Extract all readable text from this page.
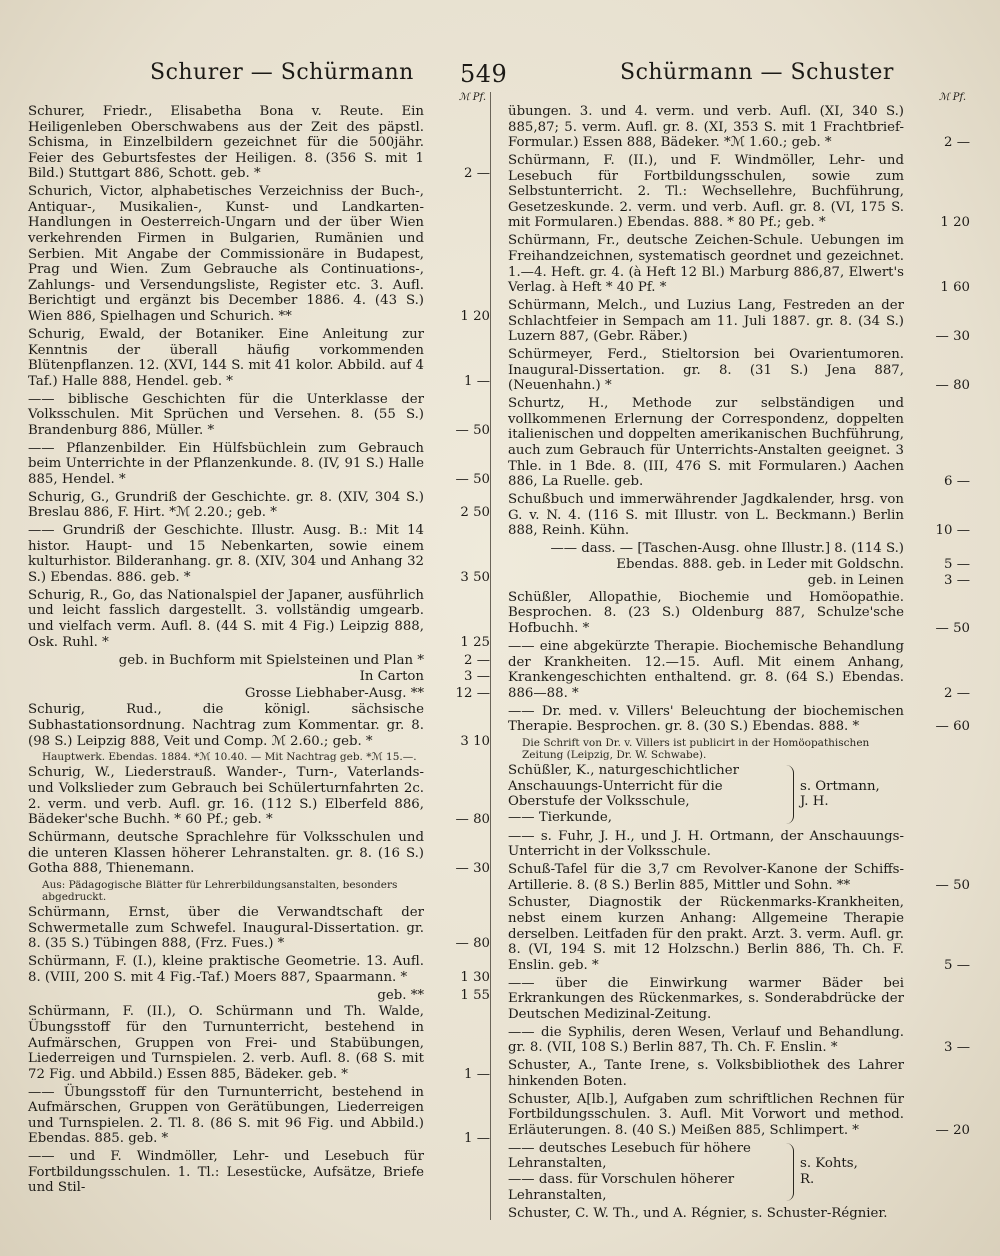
Schurer — Schürmann 549	Schürmann — Schuster
ℳ Pf.
Schurer, Friedr., Elisabetha Bona v. Reute. Ein Heiligenleben Oberschwabens aus der Zeit des päpstl. Schisma, in Einzelbildern gezeichnet für die 500jähr. Feier des Geburtsfestes der Heiligen. 8. (356 S. mit 1 Bild.) Stuttgart 886, Schott. geb. *	2 —
Schurich, Victor, alphabetisches Verzeichniss der Buch-, Antiquar-, Musikalien-, Kunst- und Landkarten-Handlungen in Oesterreich-Ungarn und der über Wien verkehrenden Firmen in Bulgarien, Rumänien und Serbien. Mit Angabe der Commissionäre in Budapest, Prag und Wien. Zum Gebrauche als Continuations-, Zahlungs- und Versendungsliste, Register etc. 3. Aufl. Berichtigt und ergänzt bis December 1886. 4. (43 S.) Wien 886, Spielhagen und Schurich. **	1 20
Schurig, Ewald, der Botaniker. Eine Anleitung zur Kenntnis der überall häufig vorkommenden Blütenpflanzen. 12. (XVI, 144 S. mit 41 kolor. Abbild. auf 4 Taf.) Halle 888, Hendel. geb. *	1 —
—— biblische Geschichten für die Unterklasse der Volksschulen. Mit Sprüchen und Versehen. 8. (55 S.) Brandenburg 886, Müller. *	— 50
—— Pflanzenbilder. Ein Hülfsbüchlein zum Gebrauch beim Unterrichte in der Pflanzenkunde. 8. (IV, 91 S.) Halle 885, Hendel. *	— 50
Schurig, G., Grundriß der Geschichte. gr. 8. (XIV, 304 S.) Breslau 886, F. Hirt. *ℳ 2.20.; geb. *	2 50
—— Grundriß der Geschichte. Illustr. Ausg. B.: Mit 14 histor. Haupt- und 15 Nebenkarten, sowie einem kulturhistor. Bilderanhang. gr. 8. (XIV, 304 und Anhang 32 S.) Ebendas. 886. geb. *	3 50
Schurig, R., Go, das Nationalspiel der Japaner, ausführlich und leicht fasslich dargestellt. 3. vollständig umgearb. und vielfach verm. Aufl. 8. (44 S. mit 4 Fig.) Leipzig 888, Osk. Ruhl. *	1 25
geb. in Buchform mit Spielsteinen und Plan *	2 —
In Carton	3 —
Grosse Liebhaber-Ausg. **	12 —
Schurig, Rud., die königl. sächsische Subhastationsordnung. Nachtrag zum Kommentar. gr. 8. (98 S.) Leipzig 888, Veit und Comp. ℳ 2.60.; geb. *	3 10
Hauptwerk. Ebendas. 1884. *ℳ 10.40. — Mit Nachtrag geb. *ℳ 15.—.
Schurig, W., Liederstrauß. Wander-, Turn-, Vaterlands- und Volkslieder zum Gebrauch bei Schülerturnfahrten 2c. 2. verm. und verb. Aufl. gr. 16. (112 S.) Elberfeld 886, Bädeker'sche Buchh. * 60 Pf.; geb. *	— 80
Schürmann, deutsche Sprachlehre für Volksschulen und die unteren Klassen höherer Lehranstalten. gr. 8. (16 S.) Gotha 888, Thienemann.	— 30
Aus: Pädagogische Blätter für Lehrerbildungsanstalten, besonders abgedruckt.
Schürmann, Ernst, über die Verwandtschaft der Schwermetalle zum Schwefel. Inaugural-Dissertation. gr. 8. (35 S.) Tübingen 888, (Frz. Fues.) *	— 80
Schürmann, F. (I.), kleine praktische Geometrie. 13. Aufl. 8. (VIII, 200 S. mit 4 Fig.-Taf.) Moers 887, Spaarmann. *	1 30
geb. **	1 55
Schürmann, F. (II.), O. Schürmann und Th. Walde, Übungsstoff für den Turnunterricht, bestehend in Aufmärschen, Gruppen von Frei- und Stabübungen, Liederreigen und Turnspielen. 2. verb. Aufl. 8. (68 S. mit 72 Fig. und Abbild.) Essen 885, Bädeker. geb. *	1 —
—— Übungsstoff für den Turnunterricht, bestehend in Aufmärschen, Gruppen von Gerätübungen, Liederreigen und Turnspielen. 2. Tl. 8. (86 S. mit 96 Fig. und Abbild.) Ebendas. 885. geb. *	1 —
—— und F. Windmöller, Lehr- und Lesebuch für Fortbildungsschulen. 1. Tl.: Lesestücke, Aufsätze, Briefe und Stil-
ℳ Pf.
übungen. 3. und 4. verm. und verb. Aufl. (XI, 340 S.) 885,87; 5. verm. Aufl. gr. 8. (XI, 353 S. mit 1 Frachtbrief-Formular.) Essen 888, Bädeker. *ℳ 1.60.; geb. *	2 —
Schürmann, F. (II.), und F. Windmöller, Lehr- und Lesebuch für Fortbildungsschulen, sowie zum Selbstunterricht. 2. Tl.: Wechsellehre, Buchführung, Gesetzeskunde. 2. verm. und verb. Aufl. gr. 8. (VI, 175 S. mit Formularen.) Ebendas. 888. * 80 Pf.; geb. *	1 20
Schürmann, Fr., deutsche Zeichen-Schule. Uebungen im Freihandzeichnen, systematisch geordnet und gezeichnet. 1.—4. Heft. gr. 4. (à Heft 12 Bl.) Marburg 886,87, Elwert's Verlag. à Heft * 40 Pf. *	1 60
Schürmann, Melch., und Luzius Lang, Festreden an der Schlachtfeier in Sempach am 11. Juli 1887. gr. 8. (34 S.) Luzern 887, (Gebr. Räber.)	— 30
Schürmeyer, Ferd., Stieltorsion bei Ovarientumoren. Inaugural-Dissertation. gr. 8. (31 S.) Jena 887, (Neuenhahn.) *	— 80
Schurtz, H., Methode zur selbständigen und vollkommenen Erlernung der Correspondenz, doppelten italienischen und doppelten amerikanischen Buchführung, auch zum Gebrauch für Unterrichts-Anstalten geeignet. 3 Thle. in 1 Bde. 8. (III, 476 S. mit Formularen.) Aachen 886, La Ruelle. geb.	6 —
Schußbuch und immerwährender Jagdkalender, hrsg. von G. v. N. 4. (116 S. mit Illustr. von L. Beckmann.) Berlin 888, Reinh. Kühn.	10 —
—— dass. — [Taschen-Ausg. ohne Illustr.] 8. (114 S.) Ebendas. 888. geb. in Leder mit Goldschn.	5 —
geb. in Leinen	3 —
Schüßler, Allopathie, Biochemie und Homöopathie. Besprochen. 8. (23 S.) Oldenburg 887, Schulze'sche Hofbuchh. *	— 50
—— eine abgekürzte Therapie. Biochemische Behandlung der Krankheiten. 12.—15. Aufl. Mit einem Anhang, Krankengeschichten enthaltend. gr. 8. (64 S.) Ebendas. 886—88. *	2 —
—— Dr. med. v. Villers' Beleuchtung der biochemischen Therapie. Besprochen. gr. 8. (30 S.) Ebendas. 888. *	— 60
Die Schrift von Dr. v. Villers ist publicirt in der Homöopathischen Zeitung (Leipzig, Dr. W. Schwabe).
Schüßler, K., naturgeschichtlicher Anschauungs-Unterricht für die Oberstufe der Volksschule,
—— Tierkunde,
s. Ortmann,
J. H.
—— s. Fuhr, J. H., und J. H. Ortmann, der Anschauungs-Unterricht in der Volksschule.
Schuß-Tafel für die 3,7 cm Revolver-Kanone der Schiffs-Artillerie. 8. (8 S.) Berlin 885, Mittler und Sohn. **	— 50
Schuster, Diagnostik der Rückenmarks-Krankheiten, nebst einem kurzen Anhang: Allgemeine Therapie derselben. Leitfaden für den prakt. Arzt. 3. verm. Aufl. gr. 8. (VI, 194 S. mit 12 Holzschn.) Berlin 886, Th. Ch. F. Enslin. geb. *	5 —
—— über die Einwirkung warmer Bäder bei Erkrankungen des Rückenmarkes, s. Sonderabdrücke der Deutschen Medizinal-Zeitung.
—— die Syphilis, deren Wesen, Verlauf und Behandlung. gr. 8. (VII, 108 S.) Berlin 887, Th. Ch. F. Enslin. *	3 —
Schuster, A., Tante Irene, s. Volksbibliothek des Lahrer hinkenden Boten.
Schuster, A[lb.], Aufgaben zum schriftlichen Rechnen für Fortbildungsschulen. 3. Aufl. Mit Vorwort und method. Erläuterungen. 8. (40 S.) Meißen 885, Schlimpert. *	— 20
—— deutsches Lesebuch für höhere Lehranstalten,
—— dass. für Vorschulen höherer Lehranstalten,
s. Kohts,
R.
Schuster, C. W. Th., und A. Régnier, s. Schuster-Régnier.
